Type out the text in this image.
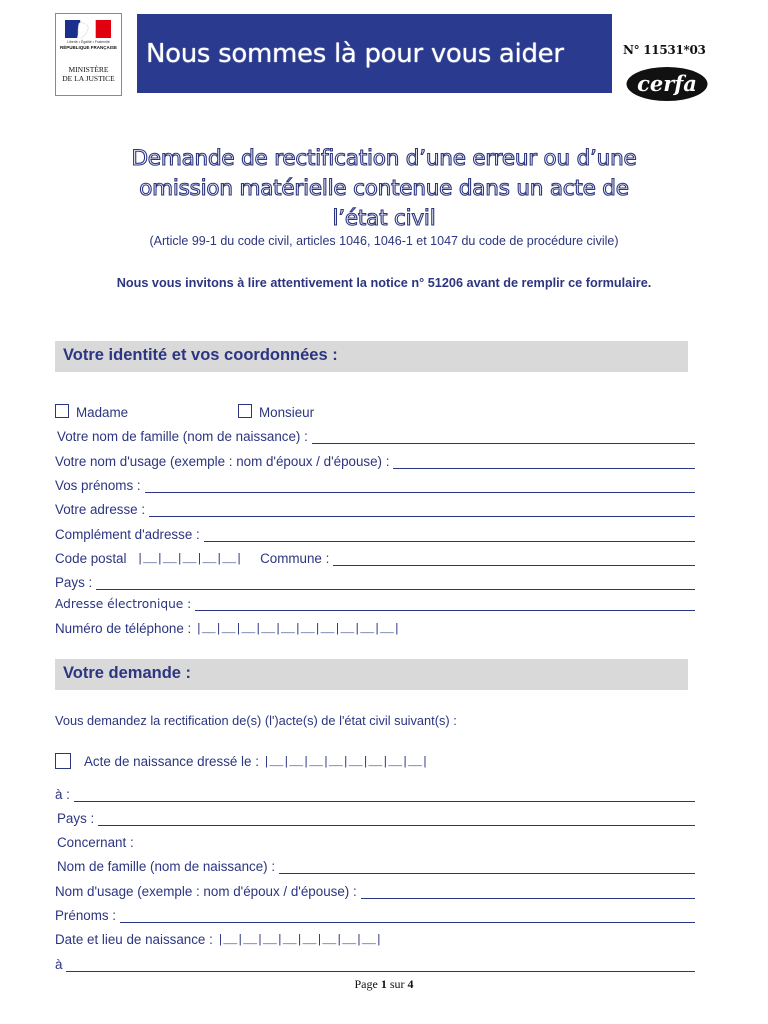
Liberté • Égalité • Fraternité
RÉPUBLIQUE FRANÇAISE
MINISTÈRE
DE LA JUSTICE
Nous sommes là pour vous aider	N° 11531*03
cerfa
Demande de rectification d’une erreur ou d’une
omission matérielle contenue dans un acte de
l’état civil
(Article 99-1 du code civil, articles 1046, 1046-1 et 1047 du code de procédure civile)
Nous vous invitons à lire attentivement la notice n° 51206 avant de remplir ce formulaire.
Votre identité et vos coordonnées :
Madame	Monsieur
Votre nom de famille (nom de naissance) :
Votre nom d'usage (exemple : nom d'époux / d'épouse) :
Vos prénoms :
Votre adresse :
Complément d'adresse :
Code postal |__|__|__|__|__| Commune :
Pays :
Adresse électronique :
Numéro de téléphone : |__|__|__|__|__|__|__|__|__|__|
Votre demande :
Vous demandez la rectification de(s) (l')acte(s) de l'état civil suivant(s) :
Acte de naissance dressé le : |__|__|__|__|__|__|__|__|
à :
Pays :
Concernant :
Nom de famille (nom de naissance) :
Nom d'usage (exemple : nom d'époux / d'épouse) :
Prénoms :
Date et lieu de naissance : |__|__|__|__|__|__|__|__|
à
Page 1 sur 4
